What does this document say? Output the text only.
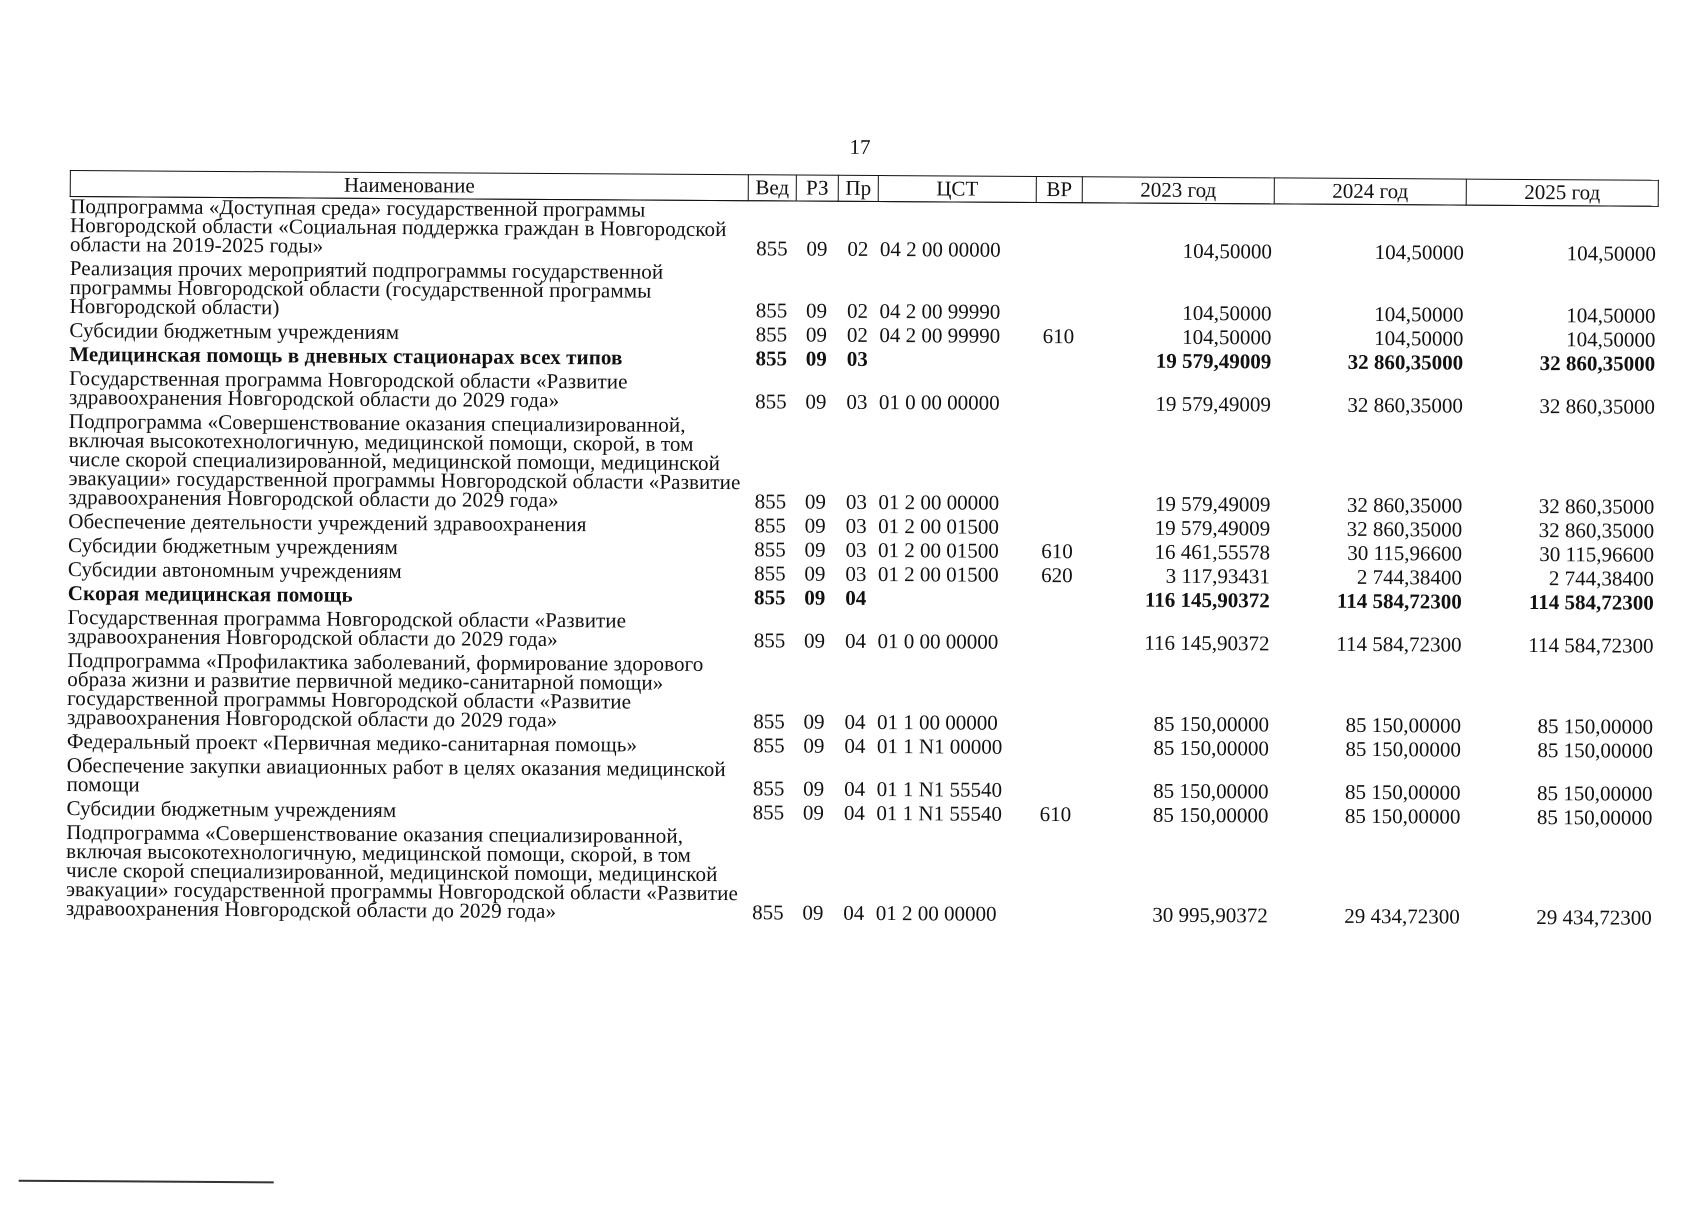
17
Наименование	Вед	РЗ	Пр	ЦСТ	ВР	2023 год	2024 год	2025 год
Подпрограмма «Доступная среда» государственной программы Новгородской области «Социальная поддержка граждан в Новгородской области на 2019-2025 годы»	855	09	02	04 2 00 00000		104,50000	104,50000	104,50000
Реализация прочих мероприятий подпрограммы государственной программы Новгородской области (государственной программы Новгородской области)	855	09	02	04 2 00 99990		104,50000	104,50000	104,50000
Субсидии бюджетным учреждениям	855	09	02	04 2 00 99990	610	104,50000	104,50000	104,50000
Медицинская помощь в дневных стационарах всех типов	855	09	03			19 579,49009	32 860,35000	32 860,35000
Государственная программа Новгородской области «Развитие здравоохранения Новгородской области до 2029 года»	855	09	03	01 0 00 00000		19 579,49009	32 860,35000	32 860,35000
Подпрограмма «Совершенствование оказания специализированной, включая высокотехнологичную, медицинской помощи, скорой, в том числе скорой специализированной, медицинской помощи, медицинской эвакуации» государственной программы Новгородской области «Развитие здравоохранения Новгородской области до 2029 года»	855	09	03	01 2 00 00000		19 579,49009	32 860,35000	32 860,35000
Обеспечение деятельности учреждений здравоохранения	855	09	03	01 2 00 01500		19 579,49009	32 860,35000	32 860,35000
Субсидии бюджетным учреждениям	855	09	03	01 2 00 01500	610	16 461,55578	30 115,96600	30 115,96600
Субсидии автономным учреждениям	855	09	03	01 2 00 01500	620	3 117,93431	2 744,38400	2 744,38400
Скорая медицинская помощь	855	09	04			116 145,90372	114 584,72300	114 584,72300
Государственная программа Новгородской области «Развитие здравоохранения Новгородской области до 2029 года»	855	09	04	01 0 00 00000		116 145,90372	114 584,72300	114 584,72300
Подпрограмма «Профилактика заболеваний, формирование здорового образа жизни и развитие первичной медико-санитарной помощи» государственной программы Новгородской области «Развитие здравоохранения Новгородской области до 2029 года»	855	09	04	01 1 00 00000		85 150,00000	85 150,00000	85 150,00000
Федеральный проект «Первичная медико-санитарная помощь»	855	09	04	01 1 N1 00000		85 150,00000	85 150,00000	85 150,00000
Обеспечение закупки авиационных работ в целях оказания медицинской помощи	855	09	04	01 1 N1 55540		85 150,00000	85 150,00000	85 150,00000
Субсидии бюджетным учреждениям	855	09	04	01 1 N1 55540	610	85 150,00000	85 150,00000	85 150,00000
Подпрограмма «Совершенствование оказания специализированной, включая высокотехнологичную, медицинской помощи, скорой, в том числе скорой специализированной, медицинской помощи, медицинской эвакуации» государственной программы Новгородской области «Развитие здравоохранения Новгородской области до 2029 года»	855	09	04	01 2 00 00000		30 995,90372	29 434,72300	29 434,72300
